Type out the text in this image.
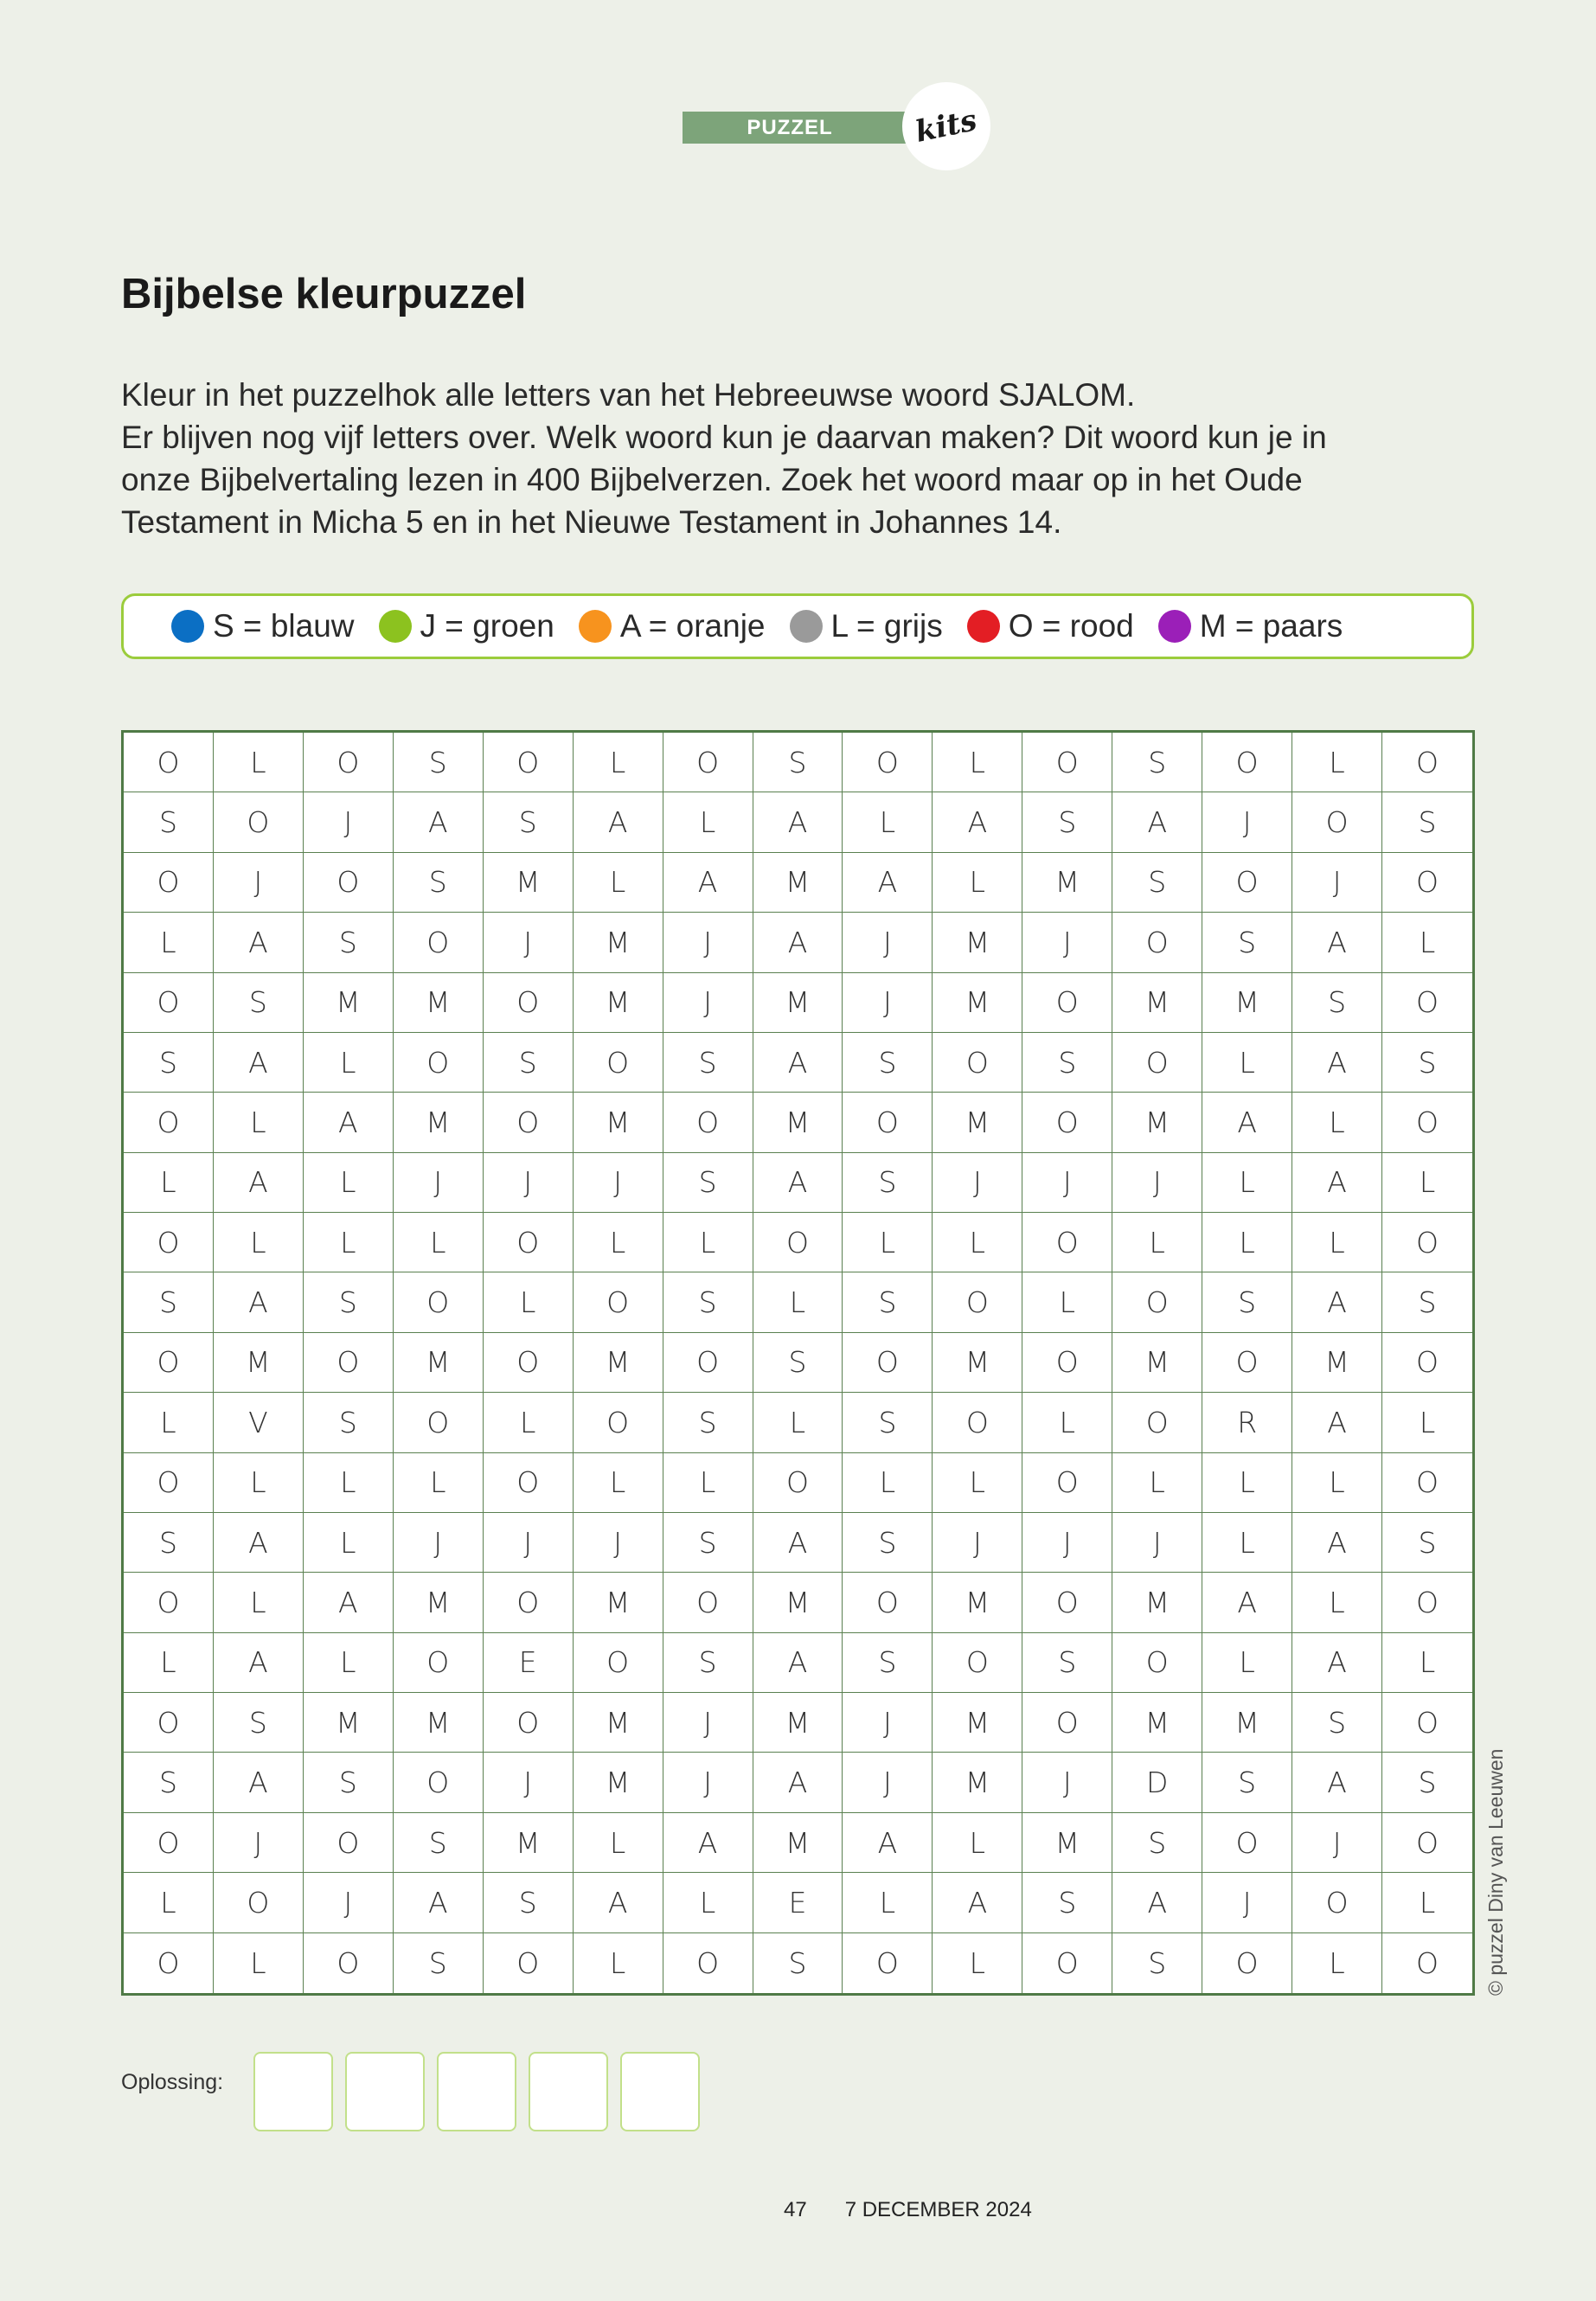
PUZZEL	kits
Bijbelse kleurpuzzel
Kleur in het puzzelhok alle letters van het Hebreeuwse woord SJALOM.
Er blijven nog vijf letters over. Welk woord kun je daarvan maken? Dit woord kun je in
onze Bijbelvertaling lezen in 400 Bijbelverzen. Zoek het woord maar op in het Oude
Testament in Micha 5 en in het Nieuwe Testament in Johannes 14.
S = blauw J = groen A = oranje L = grijs O = rood M = paars
O	L	O	S	O	L	O	S	O	L	O	S	O	L	O
S	O	J	A	S	A	L	A	L	A	S	A	J	O	S
O	J	O	S	M	L	A	M	A	L	M	S	O	J	O
L	A	S	O	J	M	J	A	J	M	J	O	S	A	L
O	S	M	M	O	M	J	M	J	M	O	M	M	S	O
S	A	L	O	S	O	S	A	S	O	S	O	L	A	S
O	L	A	M	O	M	O	M	O	M	O	M	A	L	O
L	A	L	J	J	J	S	A	S	J	J	J	L	A	L
O	L	L	L	O	L	L	O	L	L	O	L	L	L	O
S	A	S	O	L	O	S	L	S	O	L	O	S	A	S
O	M	O	M	O	M	O	S	O	M	O	M	O	M	O
L	V	S	O	L	O	S	L	S	O	L	O	R	A	L
O	L	L	L	O	L	L	O	L	L	O	L	L	L	O
S	A	L	J	J	J	S	A	S	J	J	J	L	A	S
O	L	A	M	O	M	O	M	O	M	O	M	A	L	O
L	A	L	O	E	O	S	A	S	O	S	O	L	A	L
O	S	M	M	O	M	J	M	J	M	O	M	M	S	O
S	A	S	O	J	M	J	A	J	M	J	D	S	A	S
O	J	O	S	M	L	A	M	A	L	M	S	O	J	O
L	O	J	A	S	A	L	E	L	A	S	A	J	O	L
O	L	O	S	O	L	O	S	O	L	O	S	O	L	O	© puzzel Diny van Leeuwen
Oplossing:
47 7 DECEMBER 2024
